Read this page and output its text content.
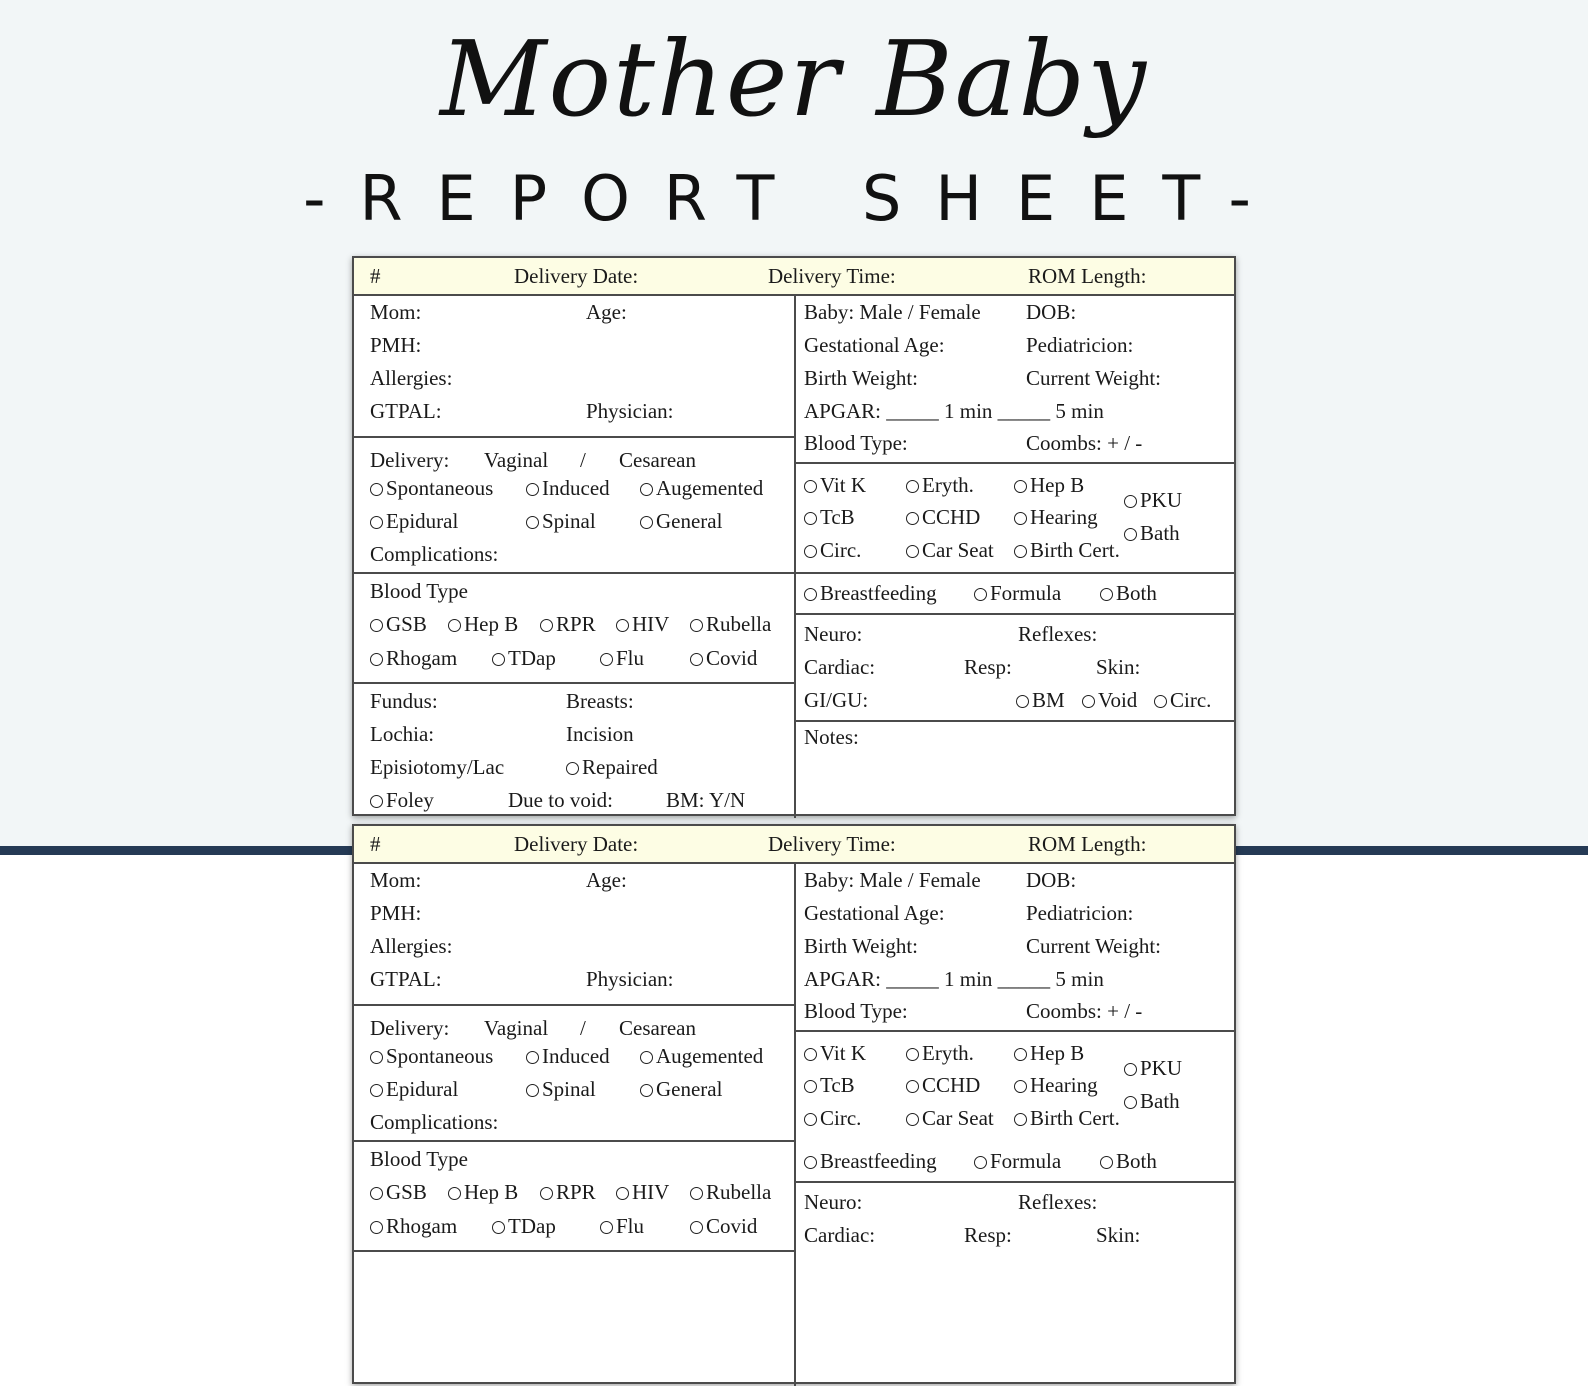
Mother Baby
-REPORT SHEET-
#	Delivery Date:	Delivery Time:	ROM Length:
Mom:	Age:
PMH:
Allergies:
GTPAL:	Physician:
Delivery: Vaginal / Cesarean
Spontaneous	Induced	Augemented
Epidural	Spinal	General
Complications:
Blood Type
GSB	Hep B	RPR	HIV	Rubella
Rhogam	TDap	Flu	Covid
Fundus:	Breasts:
Lochia:	Incision
Episiotomy/Lac	Repaired
Foley	Due to void:	BM: Y/N
Baby: Male / Female DOB:
Gestational Age:	Pediatricion:
Birth Weight:	Current Weight:
APGAR: _____ 1 min _____ 5 min
Blood Type:	Coombs: + / -
Vit K	Eryth.	Hep B
PKU
TcB	CCHD	Hearing
Bath
Circ.	Car Seat	Birth Cert.
Breastfeeding	Formula	Both
Neuro:	Reflexes:
Cardiac:	Resp:	Skin:
GI/GU:	BM	Void	Circ.
Notes:
#	Delivery Date:	Delivery Time:	ROM Length:
Mom:	Age:
PMH:
Allergies:
GTPAL:	Physician:
Delivery: Vaginal / Cesarean
Spontaneous	Induced	Augemented
Epidural	Spinal	General
Complications:
Blood Type
GSB	Hep B	RPR	HIV	Rubella
Rhogam	TDap	Flu	Covid
Baby: Male / Female DOB:
Gestational Age:	Pediatricion:
Birth Weight:	Current Weight:
APGAR: _____ 1 min _____ 5 min
Blood Type:	Coombs: + / -
Vit K	Eryth.	Hep B
PKU
TcB	CCHD	Hearing
Bath
Circ.	Car Seat	Birth Cert.
Breastfeeding	Formula	Both
Neuro:	Reflexes:
Cardiac:	Resp:	Skin:
